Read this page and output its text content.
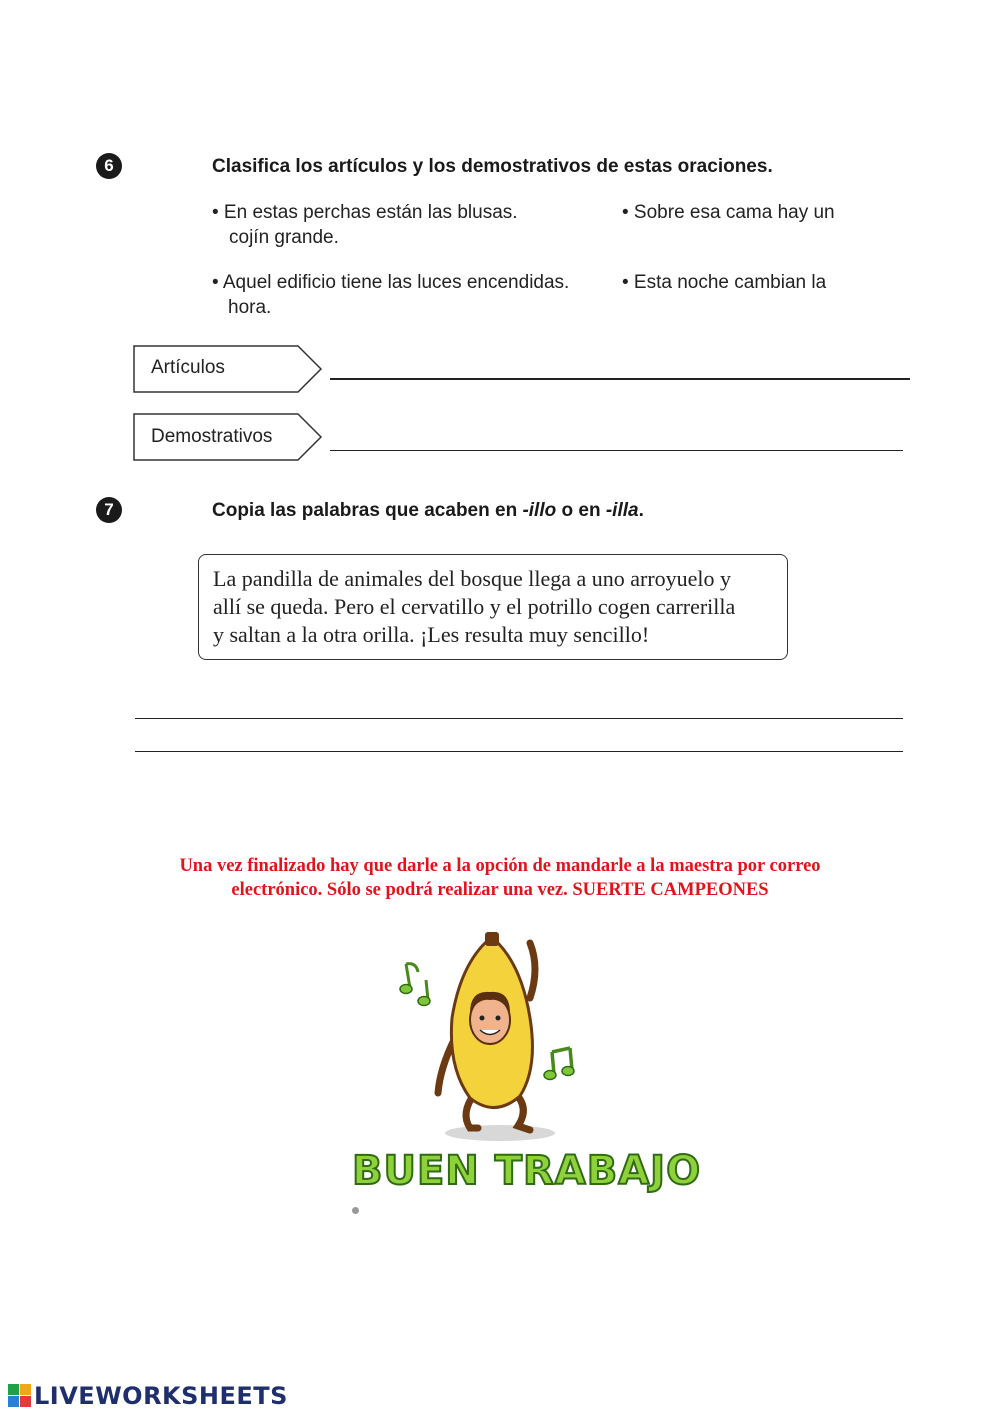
6	Clasifica los artículos y los demostrativos de estas oraciones.
• En estas perchas están las blusas.
cojín grande.
• Sobre esa cama hay un
• Aquel edificio tiene las luces encendidas.
hora.
• Esta noche cambian la
Artículos
Demostrativos
7	Copia las palabras que acaben en -illo o en -illa.
La pandilla de animales del bosque llega a uno arroyuelo y
allí se queda. Pero el cervatillo y el potrillo cogen carrerilla
y saltan a la otra orilla. ¡Les resulta muy sencillo!
Una vez finalizado hay que darle a la opción de mandarle a la maestra por correo
electrónico. Sólo se podrá realizar una vez. SUERTE CAMPEONES
BUEN TRABAJO
LIVEWORKSHEETS
